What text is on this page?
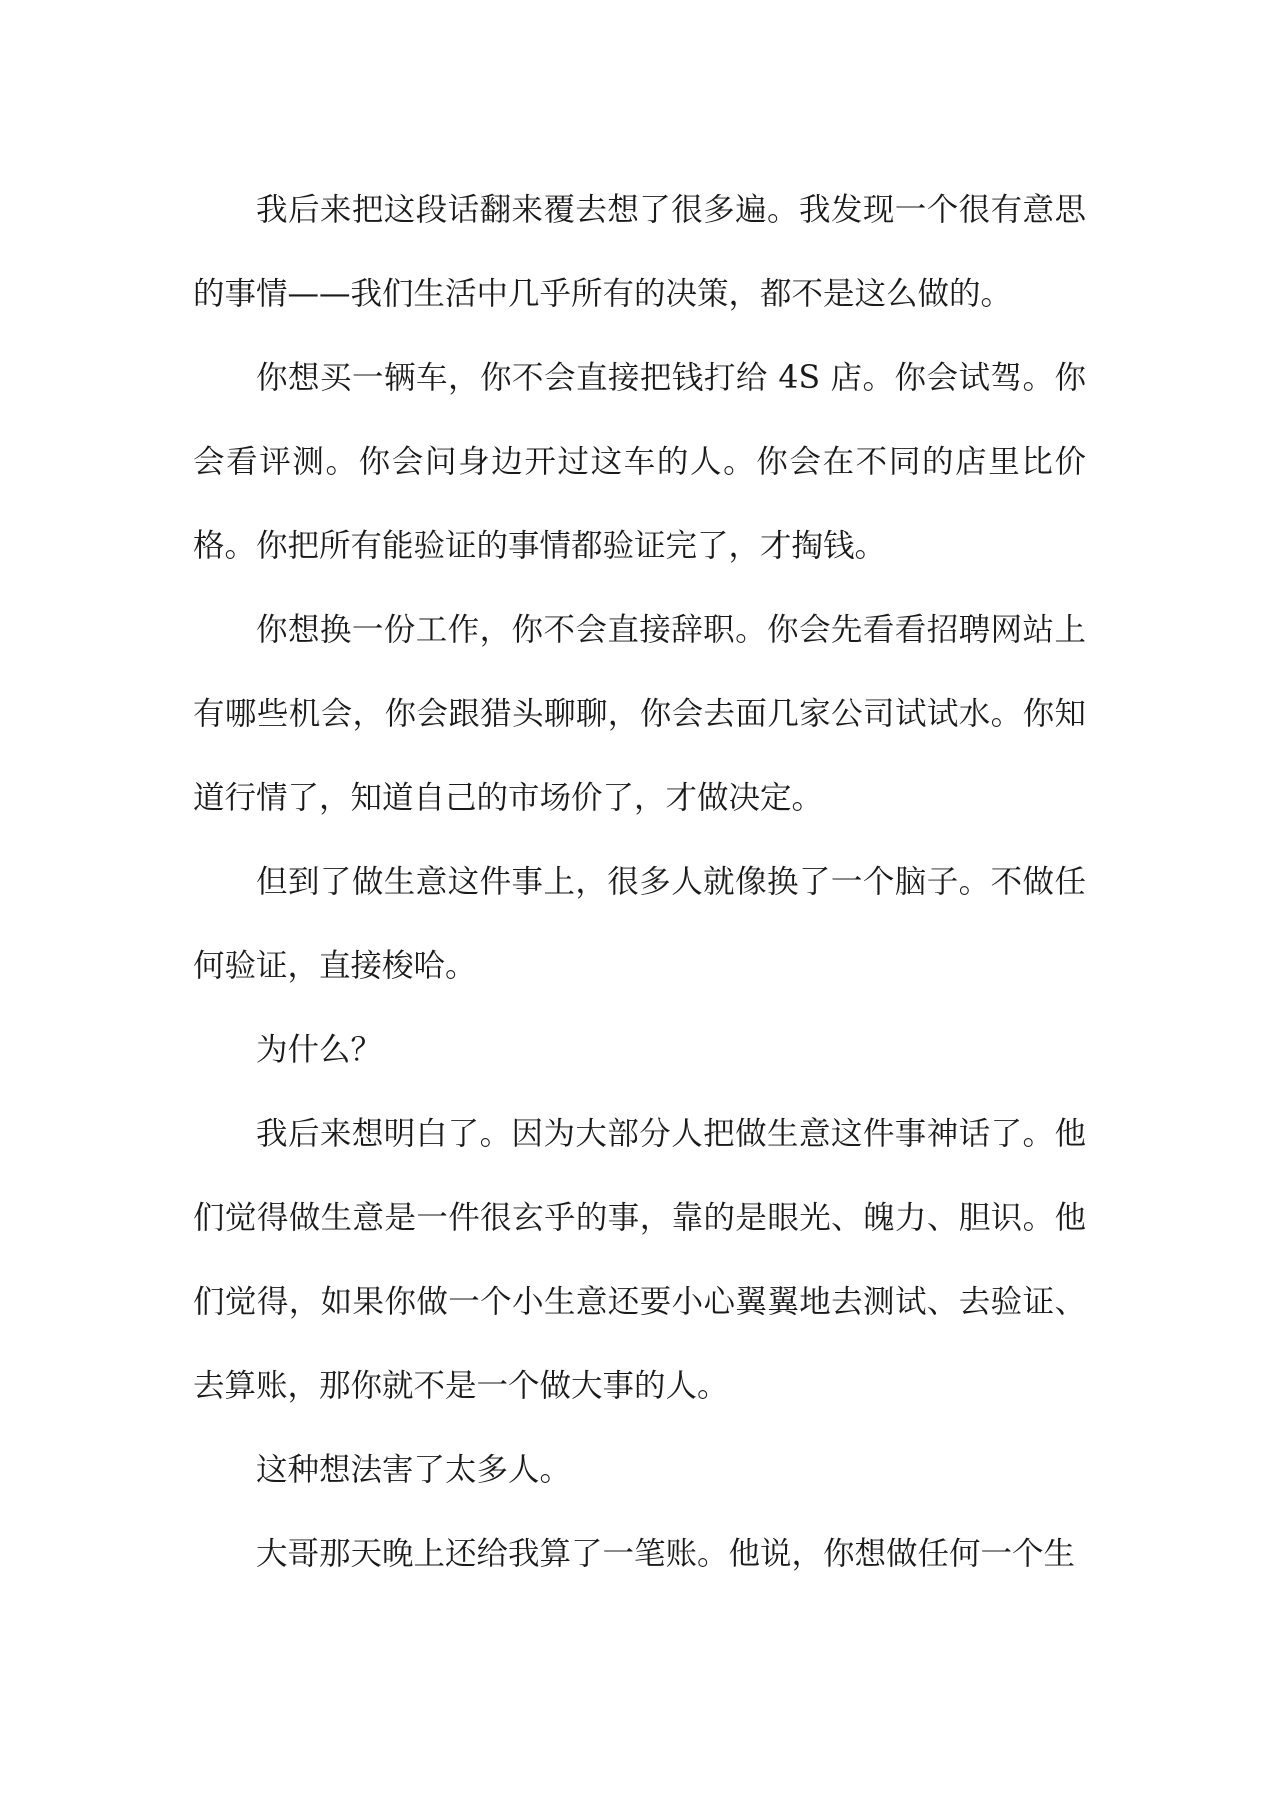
我后来把这段话翻来覆去想了很多遍。我发现一个很有意思的事情——我们生活中几乎所有的决策，都不是这么做的。

你想买一辆车，你不会直接把钱打给 4S 店。你会试驾。你会看评测。你会问身边开过这车的人。你会在不同的店里比价格。你把所有能验证的事情都验证完了，才掏钱。

你想换一份工作，你不会直接辞职。你会先看看招聘网站上有哪些机会，你会跟猎头聊聊，你会去面几家公司试试水。你知道行情了，知道自己的市场价了，才做决定。

但到了做生意这件事上，很多人就像换了一个脑子。不做任何验证，直接梭哈。

为什么？

我后来想明白了。因为大部分人把做生意这件事神话了。他们觉得做生意是一件很玄乎的事，靠的是眼光、魄力、胆识。他们觉得，如果你做一个小生意还要小心翼翼地去测试、去验证、去算账，那你就不是一个做大事的人。

这种想法害了太多人。

大哥那天晚上还给我算了一笔账。他说，你想做任何一个生
